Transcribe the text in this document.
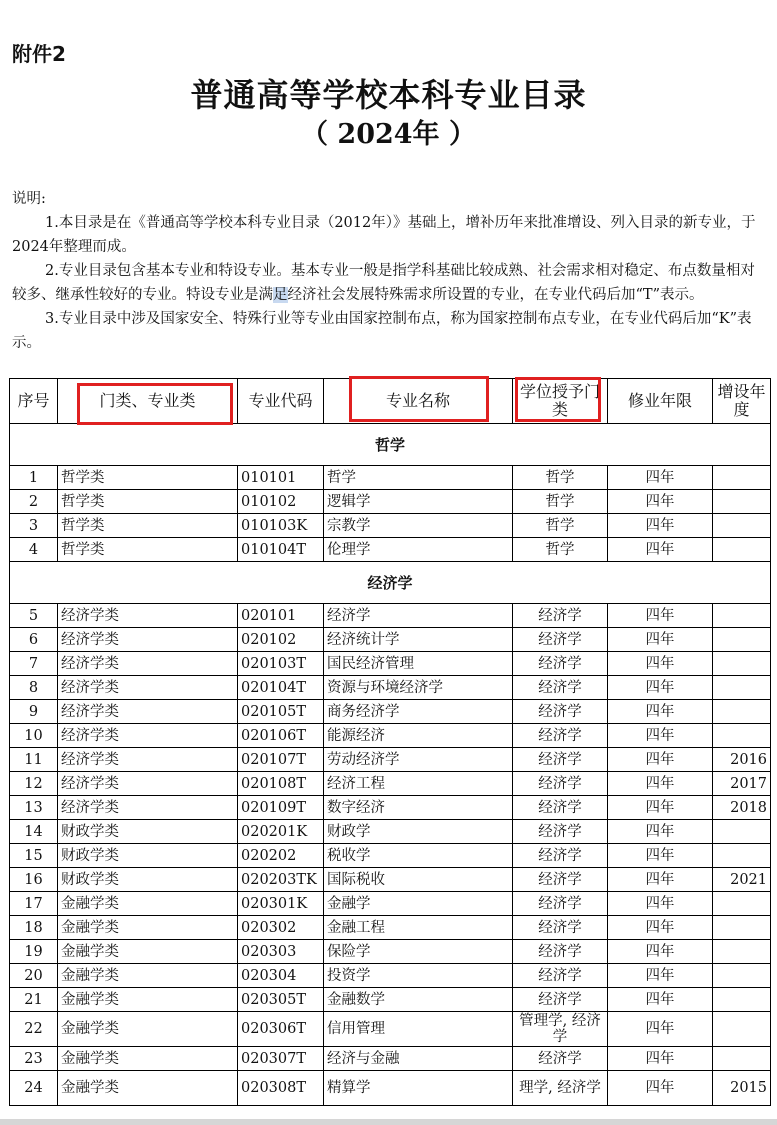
附件2
普通高等学校本科专业目录
（ 2024年 ）

说明:

1.本目录是在《普通高等学校本科专业目录（2012年）》基础上，增补历年来批准增设、列入目录的新专业，于2024年整理而成。

2.专业目录包含基本专业和特设专业。基本专业一般是指学科基础比较成熟、社会需求相对稳定、布点数量相对较多、继承性较好的专业。特设专业是满足经济社会发展特殊需求所设置的专业，在专业代码后加“T”表示。

3.专业目录中涉及国家安全、特殊行业等专业由国家控制布点，称为国家控制布点专业，在专业代码后加“K”表示。

序号	门类、专业类	专业代码	专业名称	学位授予门类	修业年限	增设年度
哲学						
1	哲学类	010101	哲学	哲学	四年	
2	哲学类	010102	逻辑学	哲学	四年	
3	哲学类	010103K	宗教学	哲学	四年	
4	哲学类	010104T	伦理学	哲学	四年	
经济学						
5	经济学类	020101	经济学	经济学	四年	
6	经济学类	020102	经济统计学	经济学	四年	
7	经济学类	020103T	国民经济管理	经济学	四年	
8	经济学类	020104T	资源与环境经济学	经济学	四年	
9	经济学类	020105T	商务经济学	经济学	四年	
10	经济学类	020106T	能源经济	经济学	四年	
11	经济学类	020107T	劳动经济学	经济学	四年	2016
12	经济学类	020108T	经济工程	经济学	四年	2017
13	经济学类	020109T	数字经济	经济学	四年	2018
14	财政学类	020201K	财政学	经济学	四年	
15	财政学类	020202	税收学	经济学	四年	
16	财政学类	020203TK	国际税收	经济学	四年	2021
17	金融学类	020301K	金融学	经济学	四年	
18	金融学类	020302	金融工程	经济学	四年	
19	金融学类	020303	保险学	经济学	四年	
20	金融学类	020304	投资学	经济学	四年	
21	金融学类	020305T	金融数学	经济学	四年	
22	金融学类	020306T	信用管理	管理学, 经济学	四年	
23	金融学类	020307T	经济与金融	经济学	四年	
24	金融学类	020308T	精算学	理学, 经济学	四年	2015
